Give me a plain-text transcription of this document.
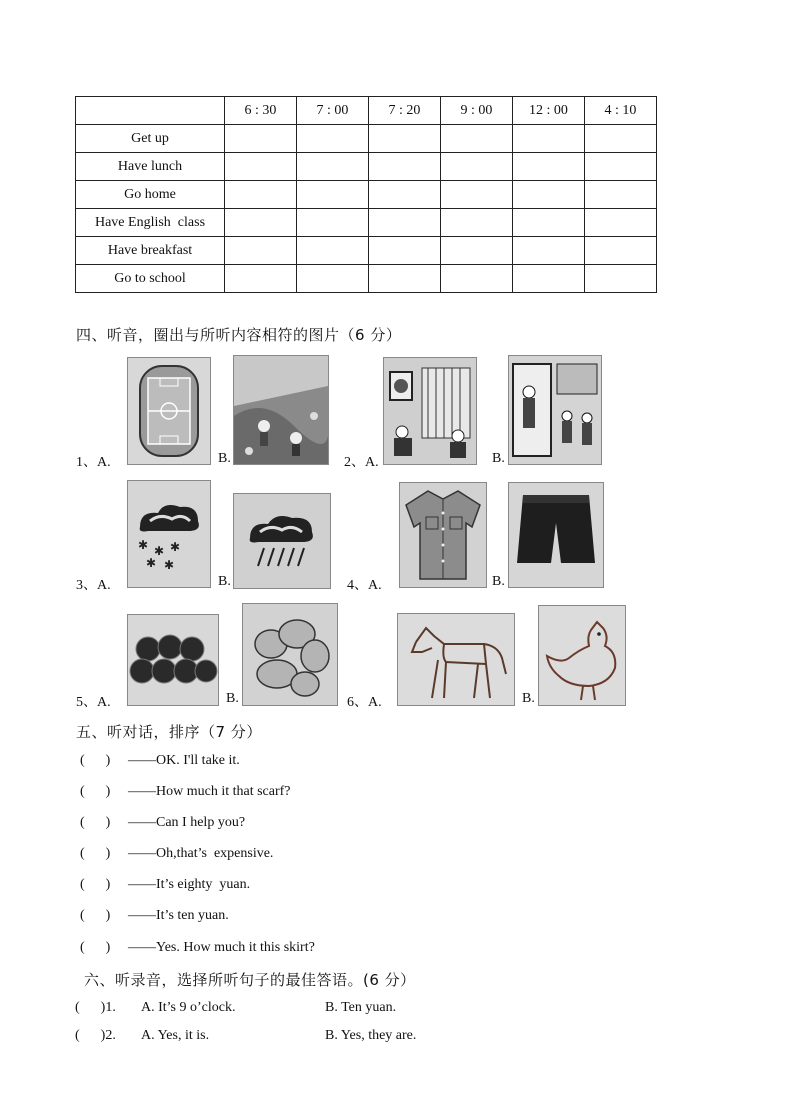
	6 : 30	7 : 00	7 : 20	9 : 00	12 : 00	4 : 10
Get up						
Have lunch						
Go home						
Have English  class						
Have breakfast						
Go to school						
四、听音，圈出与所听内容相符的图片（6 分）
1、A.	B.	2、A.	B.
3、A.
✱ ✱ ✱
✱ ✱
B.	4、A.	B.
5、A.	B.	6、A.	B.
五、听对话，排序（7 分）
(      ) ——OK. I'll take it.
(      ) ——How much it that scarf?
(      ) ——Can I help you?
(      ) ——Oh,that’s  expensive.
(      ) ——It’s eighty  yuan.
(      ) ——It’s ten yuan.
(      ) ——Yes. How much it this skirt?
六、听录音，选择所听句子的最佳答语。(6 分）
(      )1. A. It’s 9 o’clock.	B. Ten yuan.
(      )2. A. Yes, it is.	B. Yes, they are.
